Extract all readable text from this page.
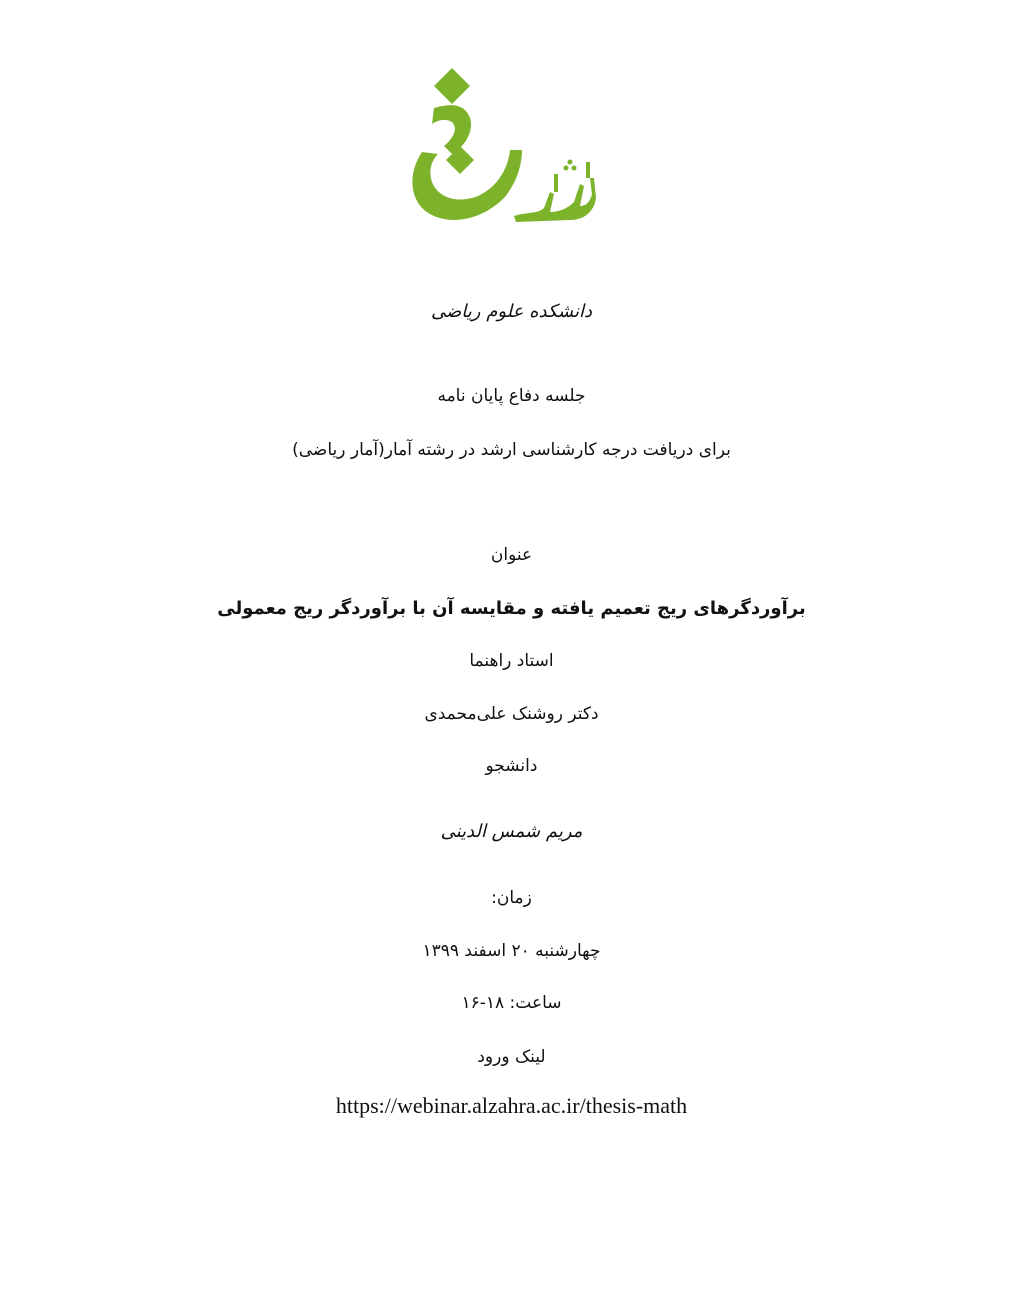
دانشکده علوم ریاضی
جلسه دفاع پایان نامه
برای دریافت درجه کارشناسی ارشد در رشته آمار(آمار ریاضی)
عنوان
برآوردگرهای ریج تعمیم یافته و مقایسه آن با برآوردگر ریج معمولی
استاد راهنما
دکتر روشنک علی‌محمدی
دانشجو
مریم شمس الدینی
زمان:
چهارشنبه ۲۰ اسفند ۱۳۹۹
ساعت: ۱۸-۱۶
لینک ورود
https://webinar.alzahra.ac.ir/thesis-math
